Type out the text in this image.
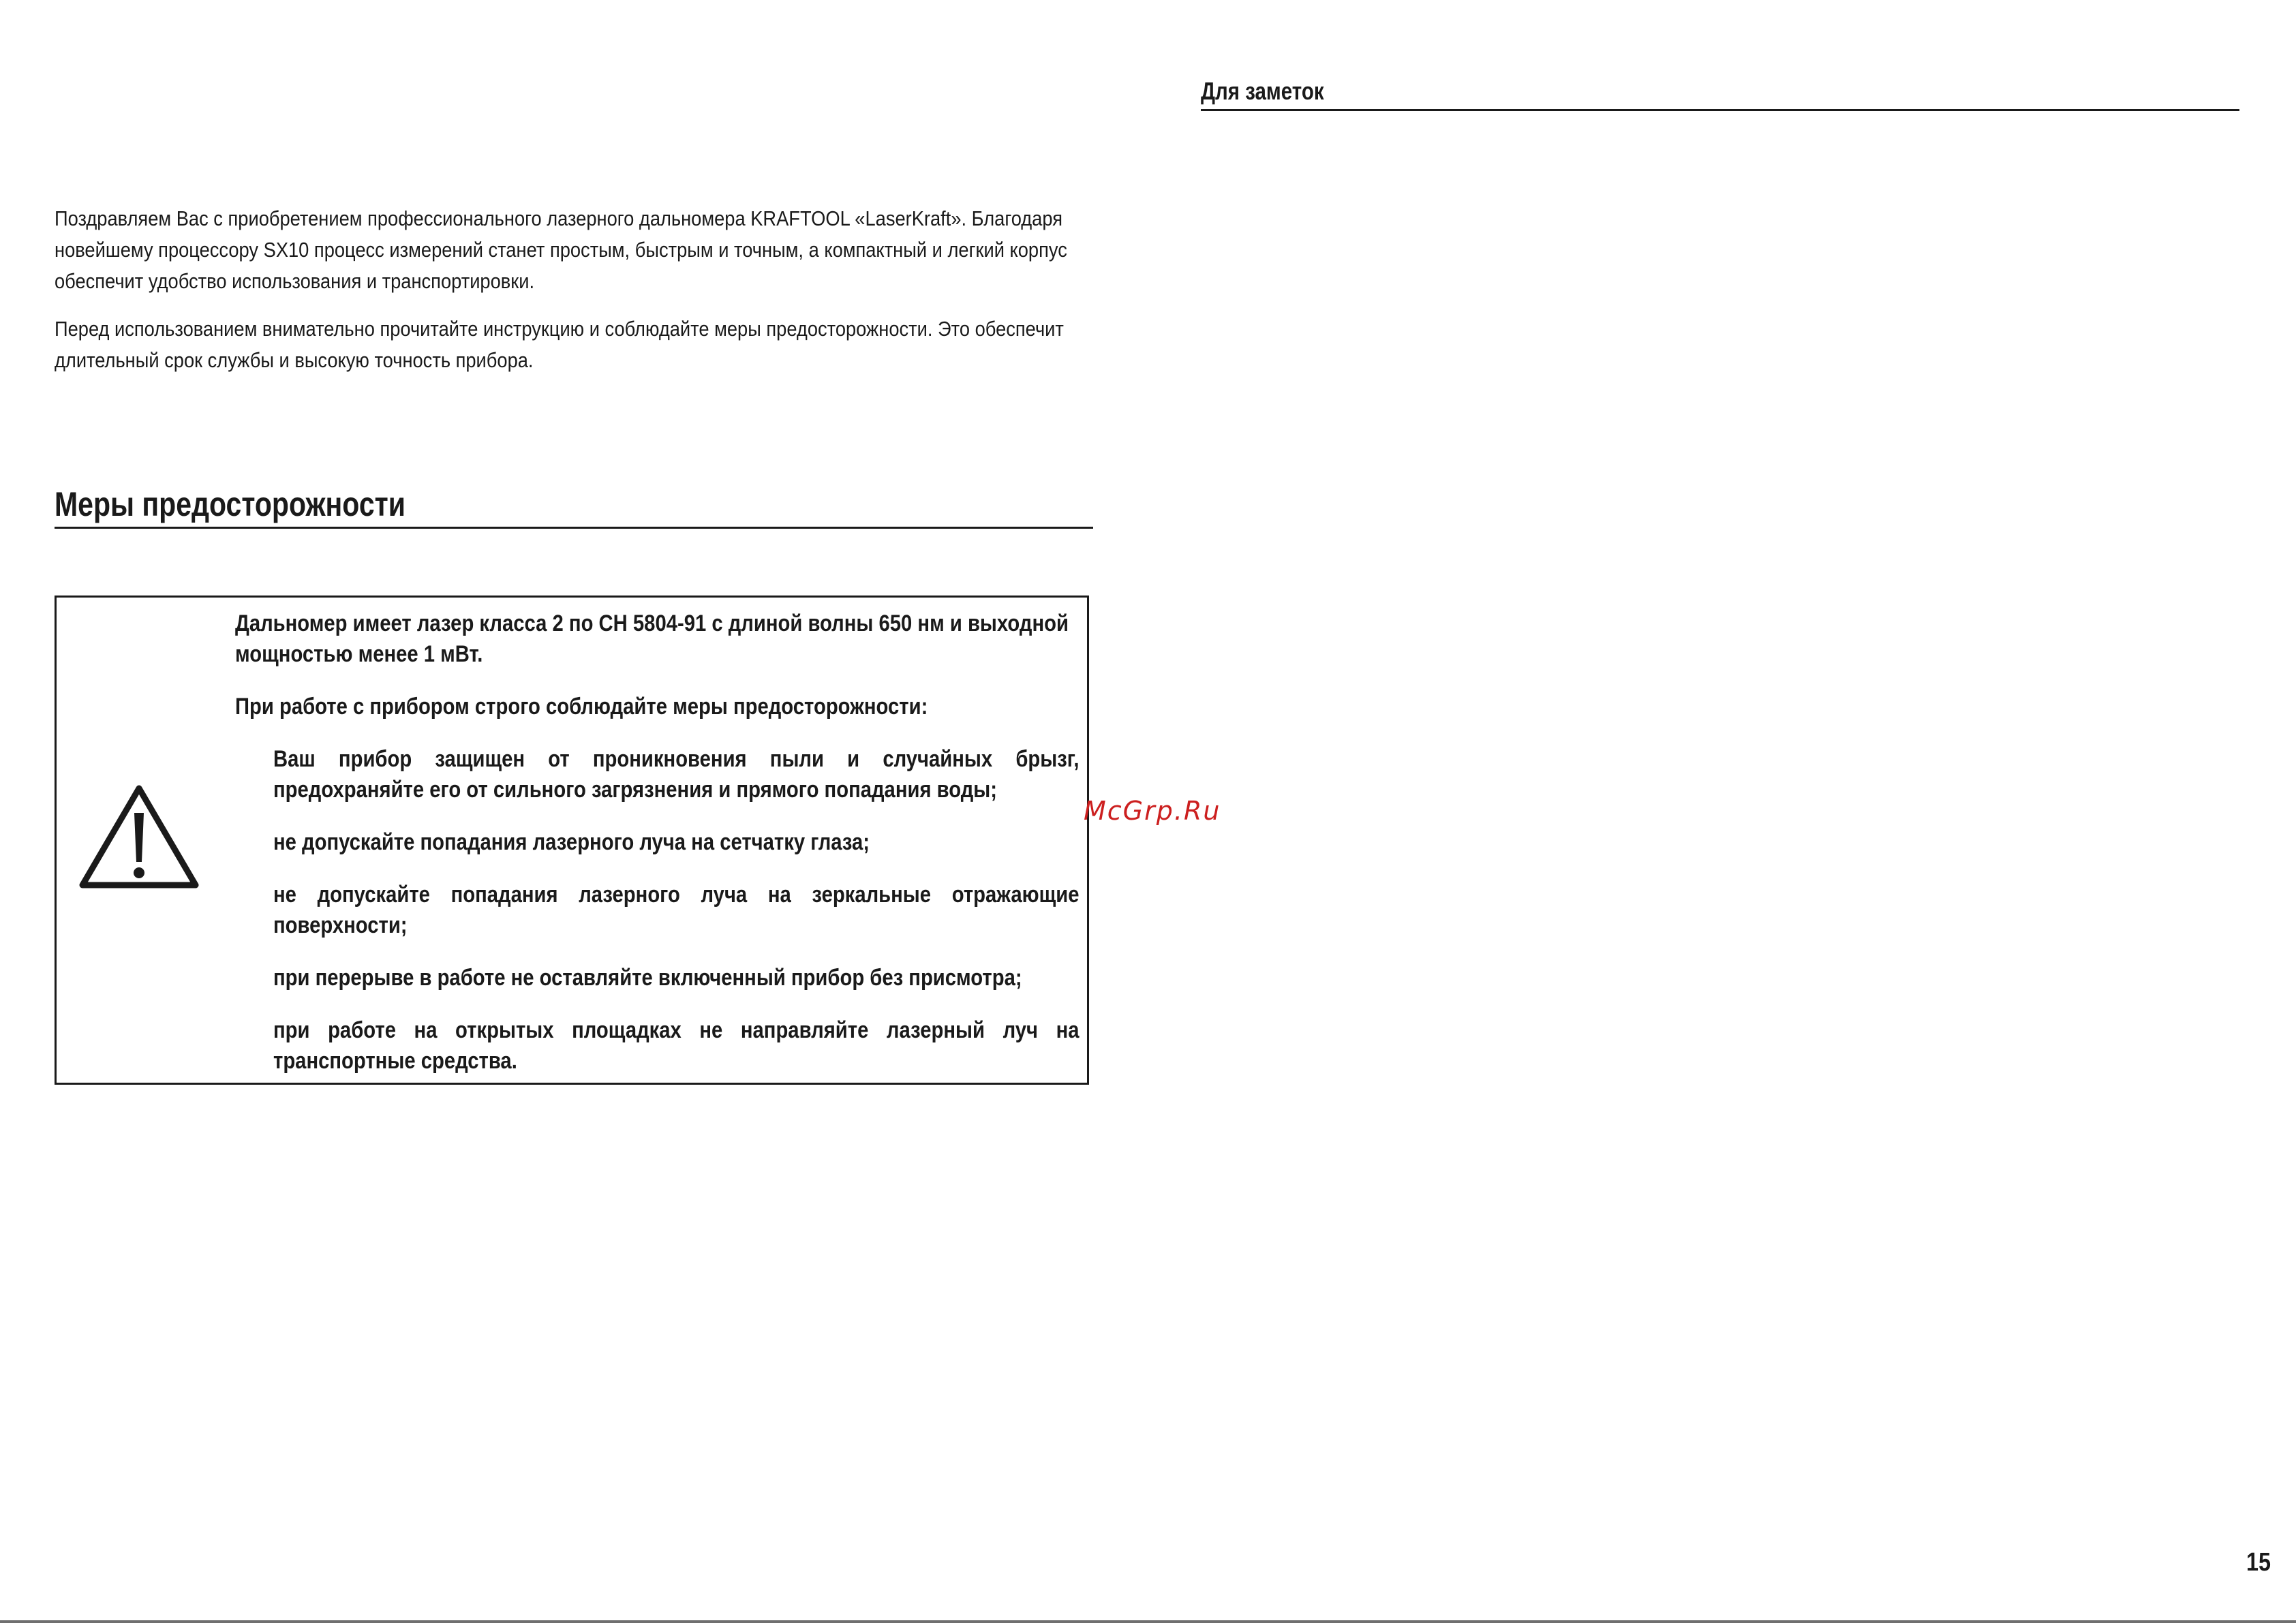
Поздравляем Вас с приобретением профессионального лазерного дальномера KRAFTOOL «LaserKraft». Благодаря новейшему процессору SX10 процесс измерений станет простым, быстрым и точным, а компактный и легкий корпус обеспечит удобство использования и транспортировки.

Перед использованием внимательно прочитайте инструкцию и соблюдайте меры предосторожности. Это обеспечит длительный срок службы и высокую точность прибора.

Меры предосторожности

Дальномер имеет лазер класса 2 по СН 5804-91 с длиной волны 650 нм и выходной мощностью менее 1 мВт.

При работе с прибором строго соблюдайте меры предосторожности:

Ваш прибор защищен от проникновения пыли и случайных брызг, предохраняйте его от сильного загрязнения и прямого попадания воды;
не допускайте попадания лазерного луча на сетчатку глаза;
не допускайте попадания лазерного луча на зеркальные отражающие поверхности;
при перерыве в работе не оставляйте включенный прибор без присмотра;
при работе на открытых площадках не направляйте лазерный луч на транспортные средства.
Для заметок
McGrp.Ru
15
